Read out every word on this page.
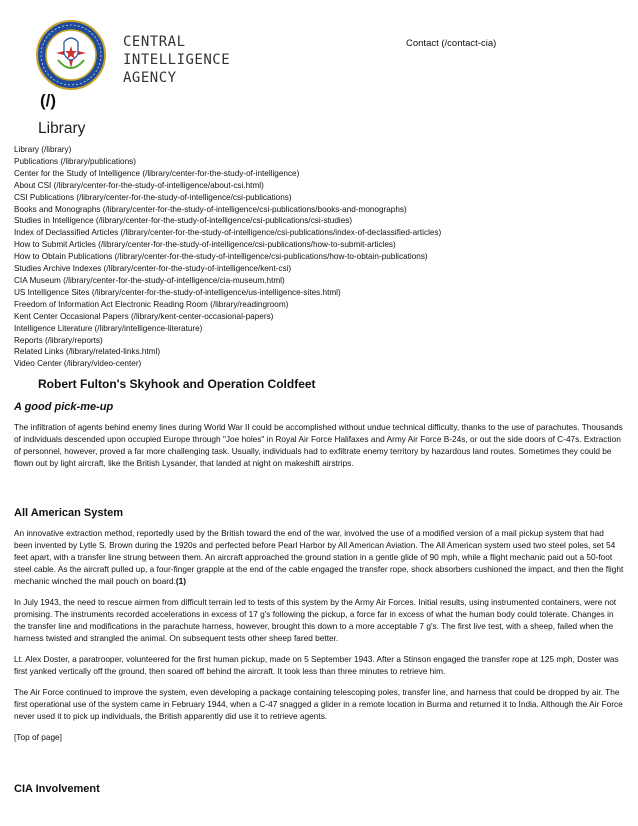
CENTRAL
INTELLIGENCE
AGENCY
Contact (/contact-cia)
(/)
Library
Library (/library)
Publications (/library/publications)
Center for the Study of Intelligence (/library/center-for-the-study-of-intelligence)
About CSI (/library/center-for-the-study-of-intelligence/about-csi.html)
CSI Publications (/library/center-for-the-study-of-intelligence/csi-publications)
Books and Monographs (/library/center-for-the-study-of-intelligence/csi-publications/books-and-monographs)
Studies in Intelligence (/library/center-for-the-study-of-intelligence/csi-publications/csi-studies)
Index of Declassified Articles (/library/center-for-the-study-of-intelligence/csi-publications/index-of-declassified-articles)
How to Submit Articles (/library/center-for-the-study-of-intelligence/csi-publications/how-to-submit-articles)
How to Obtain Publications (/library/center-for-the-study-of-intelligence/csi-publications/how-to-obtain-publications)
Studies Archive Indexes (/library/center-for-the-study-of-intelligence/kent-csi)
CIA Museum (/library/center-for-the-study-of-intelligence/cia-museum.html)
US Intelligence Sites (/library/center-for-the-study-of-intelligence/us-intelligence-sites.html)
Freedom of Information Act Electronic Reading Room (/library/readingroom)
Kent Center Occasional Papers (/library/kent-center-occasional-papers)
Intelligence Literature (/library/intelligence-literature)
Reports (/library/reports)
Related Links (/library/related-links.html)
Video Center (/library/video-center)
Robert Fulton's Skyhook and Operation Coldfeet
A good pick-me-up

The infiltration of agents behind enemy lines during World War II could be accomplished without undue technical difficulty, thanks to the use of parachutes. Thousands of individuals descended upon occupied Europe through "Joe holes" in Royal Air Force Halifaxes and Army Air Force B-24s, or out the side doors of C-47s. Extraction of personnel, however, proved a far more challenging task. Usually, individuals had to exfiltrate enemy territory by hazardous land routes. Sometimes they could be flown out by light aircraft, like the British Lysander, that landed at night on makeshift airstrips.

All American System

An innovative extraction method, reportedly used by the British toward the end of the war, involved the use of a modified version of a mail pickup system that had been invented by Lytle S. Brown during the 1920s and perfected before Pearl Harbor by All American Aviation. The All American system used two steel poles, set 54 feet apart, with a transfer line strung between them. An aircraft approached the ground station in a gentle glide of 90 mph, while a flight mechanic paid out a 50-foot steel cable. As the aircraft pulled up, a four-finger grapple at the end of the cable engaged the transfer rope, shock absorbers cushioned the impact, and then the flight mechanic winched the mail pouch on board.(1)

In July 1943, the need to rescue airmen from difficult terrain led to tests of this system by the Army Air Forces. Initial results, using instrumented containers, were not promising. The instruments recorded accelerations in excess of 17 g's following the pickup, a force far in excess of what the human body could tolerate. Changes in the transfer line and modifications in the parachute harness, however, brought this down to a more acceptable 7 g's. The first live test, with a sheep, failed when the harness twisted and strangled the animal. On subsequent tests other sheep fared better.

Lt. Alex Doster, a paratrooper, volunteered for the first human pickup, made on 5 September 1943. After a Stinson engaged the transfer rope at 125 mph, Doster was first yanked vertically off the ground, then soared off behind the aircraft. It took less than three minutes to retrieve him.

The Air Force continued to improve the system, even developing a package containing telescoping poles, transfer line, and harness that could be dropped by air. The first operational use of the system came in February 1944, when a C-47 snagged a glider in a remote location in Burma and returned it to India. Although the Air Force never used it to pick up individuals, the British apparently did use it to retrieve agents.

[Top of page]

CIA Involvement
